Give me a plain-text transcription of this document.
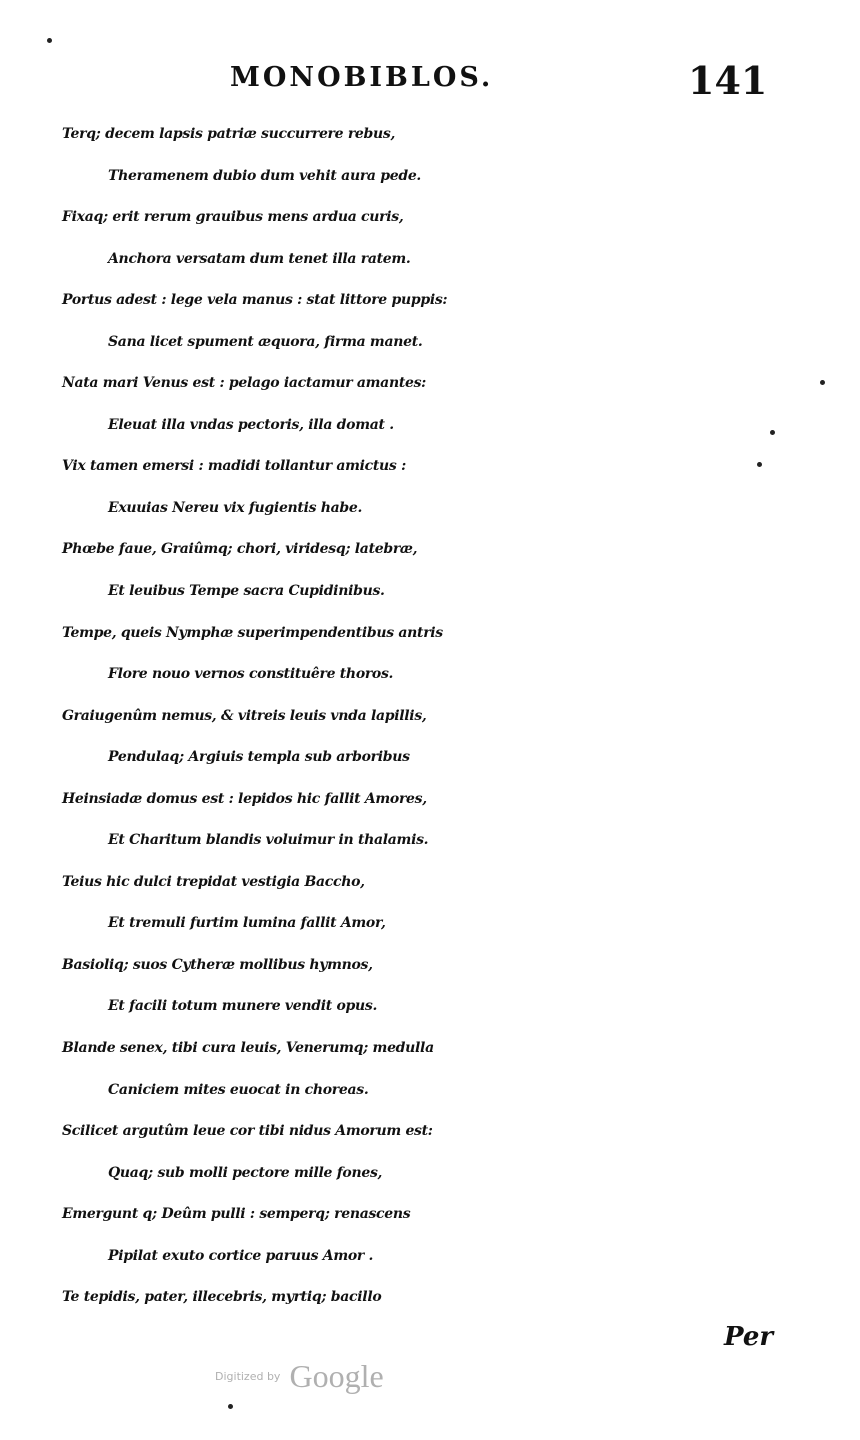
MONOBIBLOS.	141
Terq; decem lapsis patriæ succurrere rebus,
Theramenem dubio dum vehit aura pede.
Fixaq; erit rerum grauibus mens ardua curis,
Anchora versatam dum tenet illa ratem.
Portus adest : lege vela manus : stat littore puppis:
Sana licet spument æquora, firma manet.
Nata mari Venus est : pelago iactamur amantes:
Eleuat illa vndas pectoris, illa domat .
Vix tamen emersi : madidi tollantur amictus :
Exuuias Nereu vix fugientis habe.
Phœbe faue, Graiûmq; chori, viridesq; latebræ,
Et leuibus Tempe sacra Cupidinibus.
Tempe, queis Nymphæ superimpendentibus antris
Flore nouo vernos constituêre thoros.
Graiugenûm nemus, & vitreis leuis vnda lapillis,
Pendulaq; Argiuis templa sub arboribus
Heinsiadæ domus est : lepidos hic fallit Amores,
Et Charitum blandis voluimur in thalamis.
Teius hic dulci trepidat vestigia Baccho,
Et tremuli furtim lumina fallit Amor,
Basioliq; suos Cytheræ mollibus hymnos,
Et facili totum munere vendit opus.
Blande senex, tibi cura leuis, Venerumq; medulla
Caniciem mites euocat in choreas.
Scilicet argutûm leue cor tibi nidus Amorum est:
Quaq; sub molli pectore mille fones,
Emergunt q; Deûm pulli : semperq; renascens
Pipilat exuto cortice paruus Amor .
Te tepidis, pater, illecebris, myrtiq; bacillo
Per
Digitized by Google
